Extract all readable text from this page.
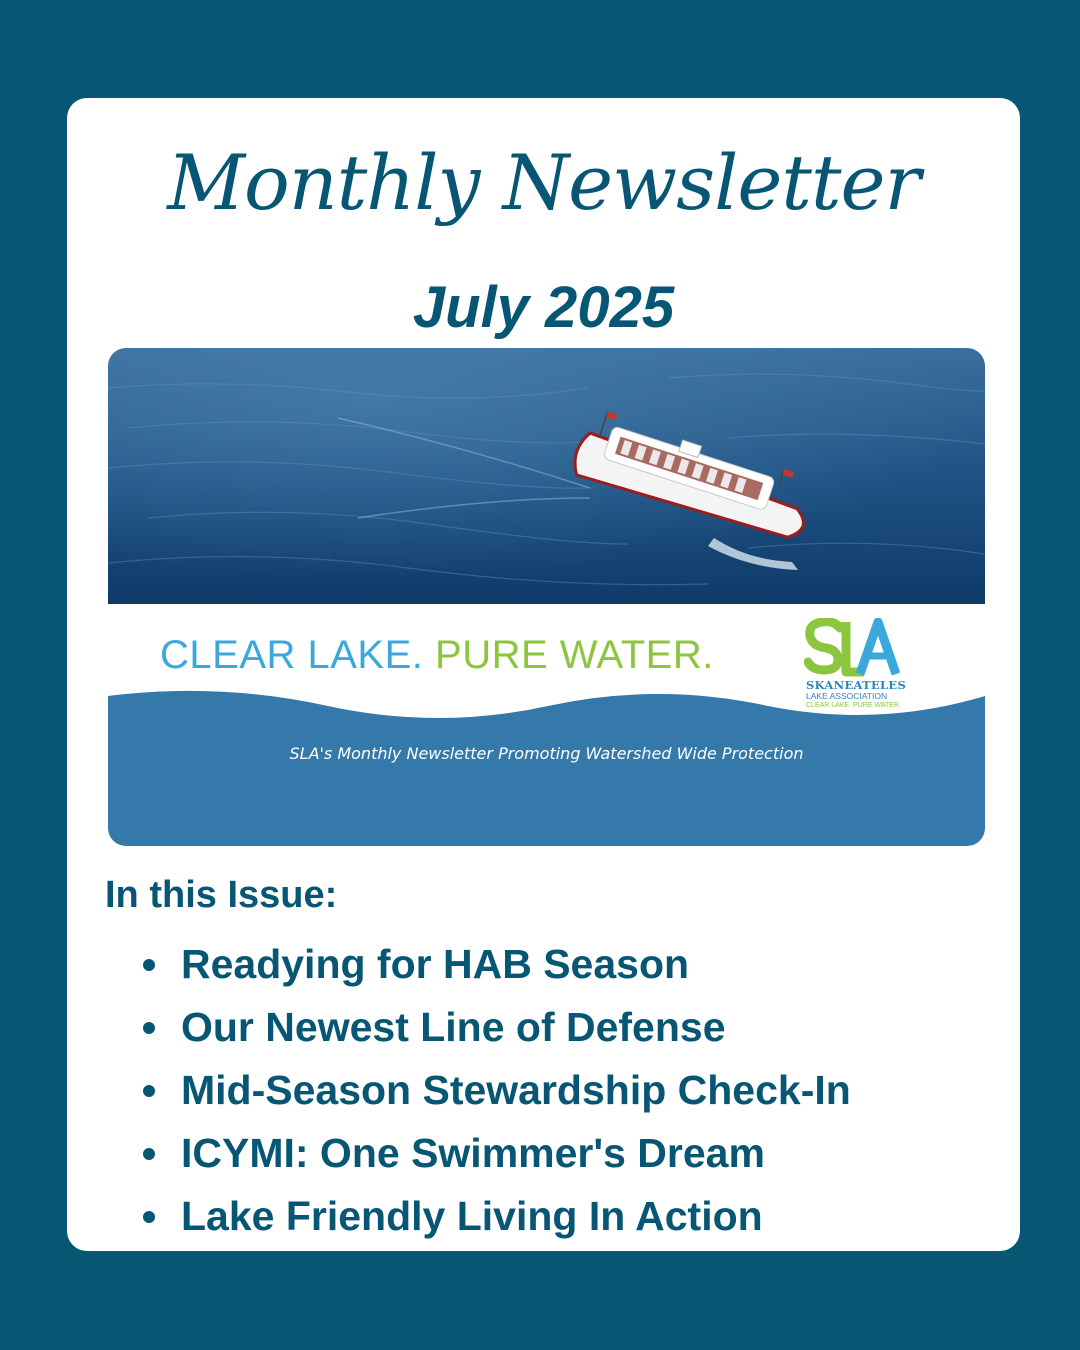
Monthly Newsletter
July 2025
CLEAR LAKE. PURE WATER.
SKANEATELES
LAKE ASSOCIATION
CLEAR LAKE. PURE WATER.
SLA's Monthly Newsletter Promoting Watershed Wide Protection
In this Issue:
Readying for HAB Season
Our Newest Line of Defense
Mid-Season Stewardship Check-In
ICYMI: One Swimmer's Dream
Lake Friendly Living In Action
